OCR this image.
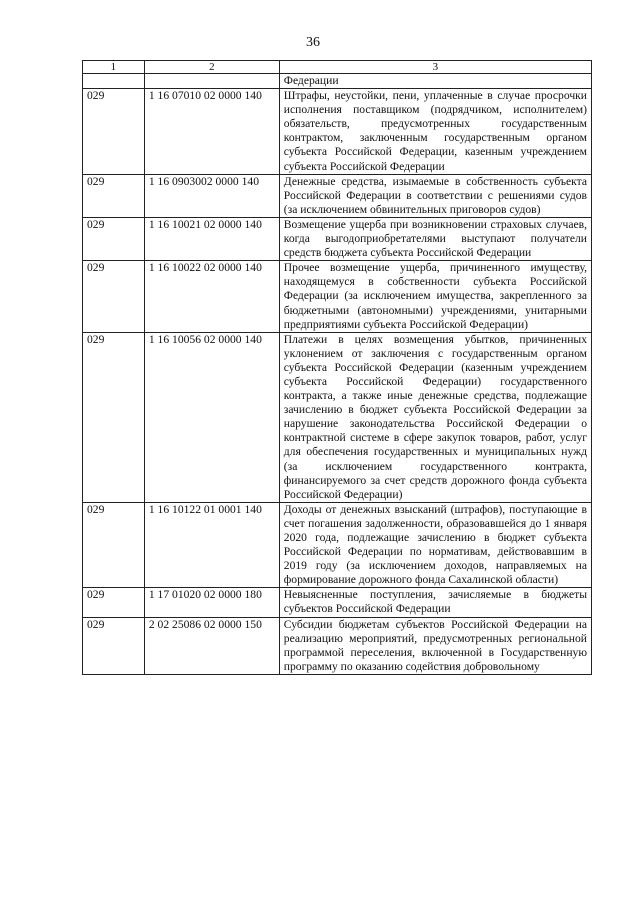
36
1	2	3
		Федерации
029	1 16 07010 02 0000 140	Штрафы, неустойки, пени, уплаченные в случае просрочки исполнения поставщиком (подрядчиком, исполнителем) обязательств, предусмотренных государственным контрактом, заключенным государственным органом субъекта Российской Федерации, казенным учреждением субъекта Российской Федерации
029	1 16 0903002 0000 140	Денежные средства, изымаемые в собственность субъекта Российской Федерации в соответствии с решениями судов (за исключением обвинительных приговоров судов)
029	1 16 10021 02 0000 140	Возмещение ущерба при возникновении страховых случаев, когда выгодоприобретателями выступают получатели средств бюджета субъекта Российской Федерации
029	1 16 10022 02 0000 140	Прочее возмещение ущерба, причиненного имуществу, находящемуся в собственности субъекта Российской Федерации (за исключением имущества, закрепленного за бюджетными (автономными) учреждениями, унитарными предприятиями субъекта Российской Федерации)
029	1 16 10056 02 0000 140	Платежи в целях возмещения убытков, причиненных уклонением от заключения с государственным органом субъекта Российской Федерации (казенным учреждением субъекта Российской Федерации) государственного контракта, а также иные денежные средства, подлежащие зачислению в бюджет субъекта Российской Федерации за нарушение законодательства Российской Федерации о контрактной системе в сфере закупок товаров, работ, услуг для обеспечения государственных и муниципальных нужд (за исключением государственного контракта, финансируемого за счет средств дорожного фонда субъекта Российской Федерации)
029	1 16 10122 01 0001 140	Доходы от денежных взысканий (штрафов), поступающие в счет погашения задолженности, образовавшейся до 1 января 2020 года, подлежащие зачислению в бюджет субъекта Российской Федерации по нормативам, действовавшим в 2019 году (за исключением доходов, направляемых на формирование дорожного фонда Сахалинской области)
029	1 17 01020 02 0000 180	Невыясненные поступления, зачисляемые в бюджеты субъектов Российской Федерации
029	2 02 25086 02 0000 150	Субсидии бюджетам субъектов Российской Федерации на реализацию мероприятий, предусмотренных региональной программой переселения, включенной в Государственную программу по оказанию содействия добровольному
